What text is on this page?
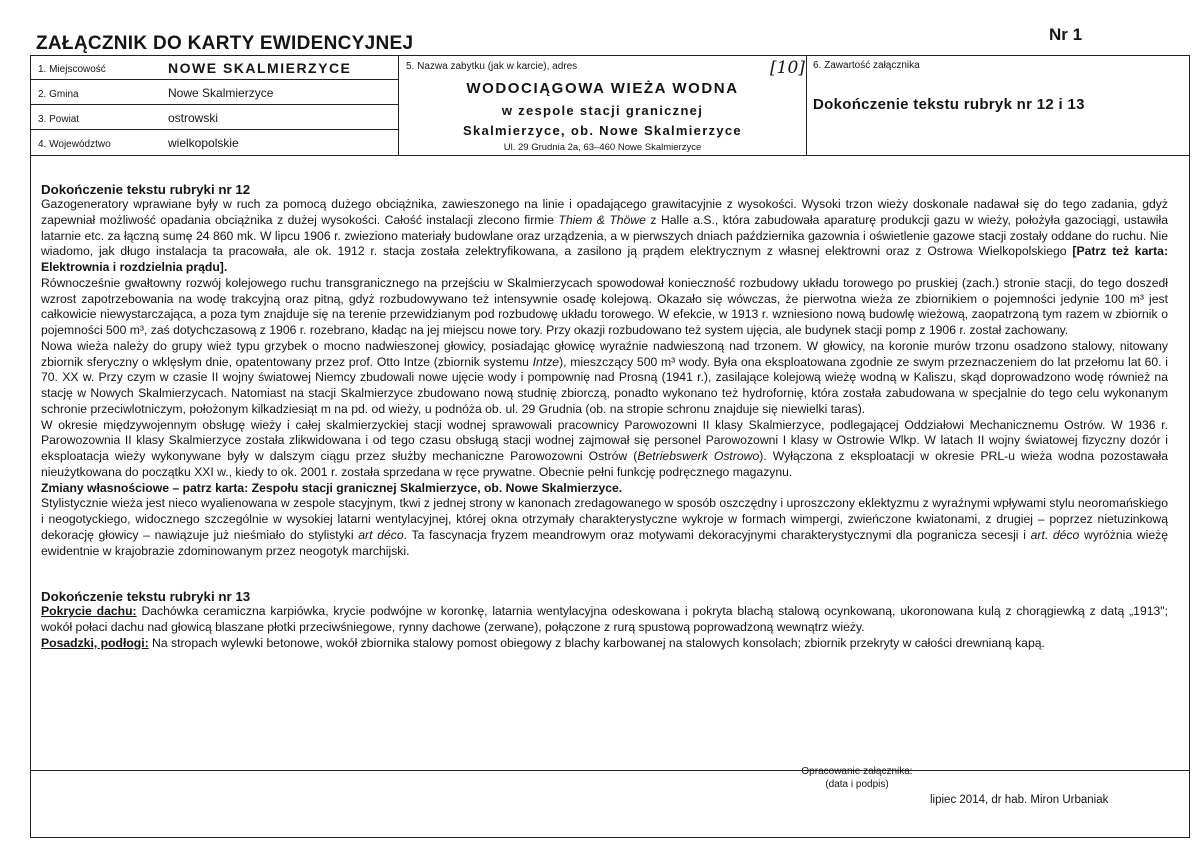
ZAŁĄCZNIK DO KARTY EWIDENCYJNEJ	Nr 1
1. Miejscowość	NOWE SKALMIERZYCE
2. Gmina	Nowe Skalmierzyce
3. Powiat	ostrowski
4. Województwo	wielkopolskie
5. Nazwa zabytku (jak w karcie), adres	[10]
WODOCIĄGOWA WIEŻA WODNA
w zespole stacji granicznej
Skalmierzyce, ob. Nowe Skalmierzyce
Ul. 29 Grudnia 2a, 63–460 Nowe Skalmierzyce
6. Zawartość załącznika
Dokończenie tekstu rubryk nr 12 i 13
Dokończenie tekstu rubryki nr 12

Gazogeneratory wprawiane były w ruch za pomocą dużego obciążnika, zawieszonego na linie i opadającego grawitacyjnie z wysokości. Wysoki trzon wieży doskonale nadawał się do tego zadania, gdyż zapewniał możliwość opadania obciążnika z dużej wysokości. Całość instalacji zlecono firmie Thiem & Thöwe z Halle a.S., która zabudowała aparaturę produkcji gazu w wieży, położyła gazociągi, ustawiła latarnie etc. za łączną sumę 24 860 mk. W lipcu 1906 r. zwieziono materiały budowlane oraz urządzenia, a w pierwszych dniach października gazownia i oświetlenie gazowe stacji zostały oddane do ruchu. Nie wiadomo, jak długo instalacja ta pracowała, ale ok. 1912 r. stacja została zelektryfikowana, a zasilono ją prądem elektrycznym z własnej elektrowni oraz z Ostrowa Wielkopolskiego [Patrz też karta: Elektrownia i rozdzielnia prądu].

Równocześnie gwałtowny rozwój kolejowego ruchu transgranicznego na przejściu w Skalmierzycach spowodował konieczność rozbudowy układu torowego po pruskiej (zach.) stronie stacji, do tego doszedł wzrost zapotrzebowania na wodę trakcyjną oraz pitną, gdyż rozbudowywano też intensywnie osadę kolejową. Okazało się wówczas, że pierwotna wieża ze zbiornikiem o pojemności jedynie 100 m³ jest całkowicie niewystarczająca, a poza tym znajduje się na terenie przewidzianym pod rozbudowę układu torowego. W efekcie, w 1913 r. wzniesiono nową budowlę wieżową, zaopatrzoną tym razem w zbiornik o pojemności 500 m³, zaś dotychczasową z 1906 r. rozebrano, kładąc na jej miejscu nowe tory. Przy okazji rozbudowano też system ujęcia, ale budynek stacji pomp z 1906 r. został zachowany.

Nowa wieża należy do grupy wież typu grzybek o mocno nadwieszonej głowicy, posiadając głowicę wyraźnie nadwieszoną nad trzonem. W głowicy, na koronie murów trzonu osadzono stalowy, nitowany zbiornik sferyczny o wklęsłym dnie, opatentowany przez prof. Otto Intze (zbiornik systemu Intze), mieszczący 500 m³ wody. Była ona eksploatowana zgodnie ze swym przeznaczeniem do lat przełomu lat 60. i 70. XX w. Przy czym w czasie II wojny światowej Niemcy zbudowali nowe ujęcie wody i pompownię nad Prosną (1941 r.), zasilające kolejową wieżę wodną w Kaliszu, skąd doprowadzono wodę również na stację w Nowych Skalmierzycach. Natomiast na stacji Skalmierzyce zbudowano nową studnię zbiorczą, ponadto wykonano też hydrofornię, która została zabudowana w specjalnie do tego celu wykonanym schronie przeciwlotniczym, położonym kilkadziesiąt m na pd. od wieży, u podnóża ob. ul. 29 Grudnia (ob. na stropie schronu znajduje się niewielki taras).

W okresie międzywojennym obsługę wieży i całej skalmierzyckiej stacji wodnej sprawowali pracownicy Parowozowni II klasy Skalmierzyce, podlegającej Oddziałowi Mechanicznemu Ostrów. W 1936 r. Parowozownia II klasy Skalmierzyce została zlikwidowana i od tego czasu obsługą stacji wodnej zajmował się personel Parowozowni I klasy w Ostrowie Wlkp. W latach II wojny światowej fizyczny dozór i eksploatacja wieży wykonywane były w dalszym ciągu przez służby mechaniczne Parowozowni Ostrów (Betriebswerk Ostrowo). Wyłączona z eksploatacji w okresie PRL-u wieża wodna pozostawała nieużytkowana do początku XXI w., kiedy to ok. 2001 r. została sprzedana w ręce prywatne. Obecnie pełni funkcję podręcznego magazynu.

Zmiany własnościowe – patrz karta: Zespołu stacji granicznej Skalmierzyce, ob. Nowe Skalmierzyce.

Stylistycznie wieża jest nieco wyalienowana w zespole stacyjnym, tkwi z jednej strony w kanonach zredagowanego w sposób oszczędny i uproszczony eklektyzmu z wyraźnymi wpływami stylu neoromańskiego i neogotyckiego, widocznego szczególnie w wysokiej latarni wentylacyjnej, której okna otrzymały charakterystyczne wykroje w formach wimpergi, zwieńczone kwiatonami, z drugiej – poprzez nietuzinkową dekorację głowicy – nawiązuje już nieśmiało do stylistyki art déco. Ta fascynacja fryzem meandrowym oraz motywami dekoracyjnymi charakterystycznymi dla pogranicza secesji i art. déco wyróżnia wieżę ewidentnie w krajobrazie zdominowanym przez neogotyk marchijski.

Dokończenie tekstu rubryki nr 13

Pokrycie dachu: Dachówka ceramiczna karpiówka, krycie podwójne w koronkę, latarnia wentylacyjna odeskowana i pokryta blachą stalową ocynkowaną, ukoronowana kulą z chorągiewką z datą „1913"; wokół połaci dachu nad głowicą blaszane płotki przeciwśniegowe, rynny dachowe (zerwane), połączone z rurą spustową poprowadzoną wewnątrz wieży.

Posadzki, podłogi: Na stropach wylewki betonowe, wokół zbiornika stalowy pomost obiegowy z blachy karbowanej na stalowych konsolach; zbiornik przekryty w całości drewnianą kapą.

Opracowanie załącznika:
(data i podpis)
lipiec 2014, dr hab. Miron Urbaniak
